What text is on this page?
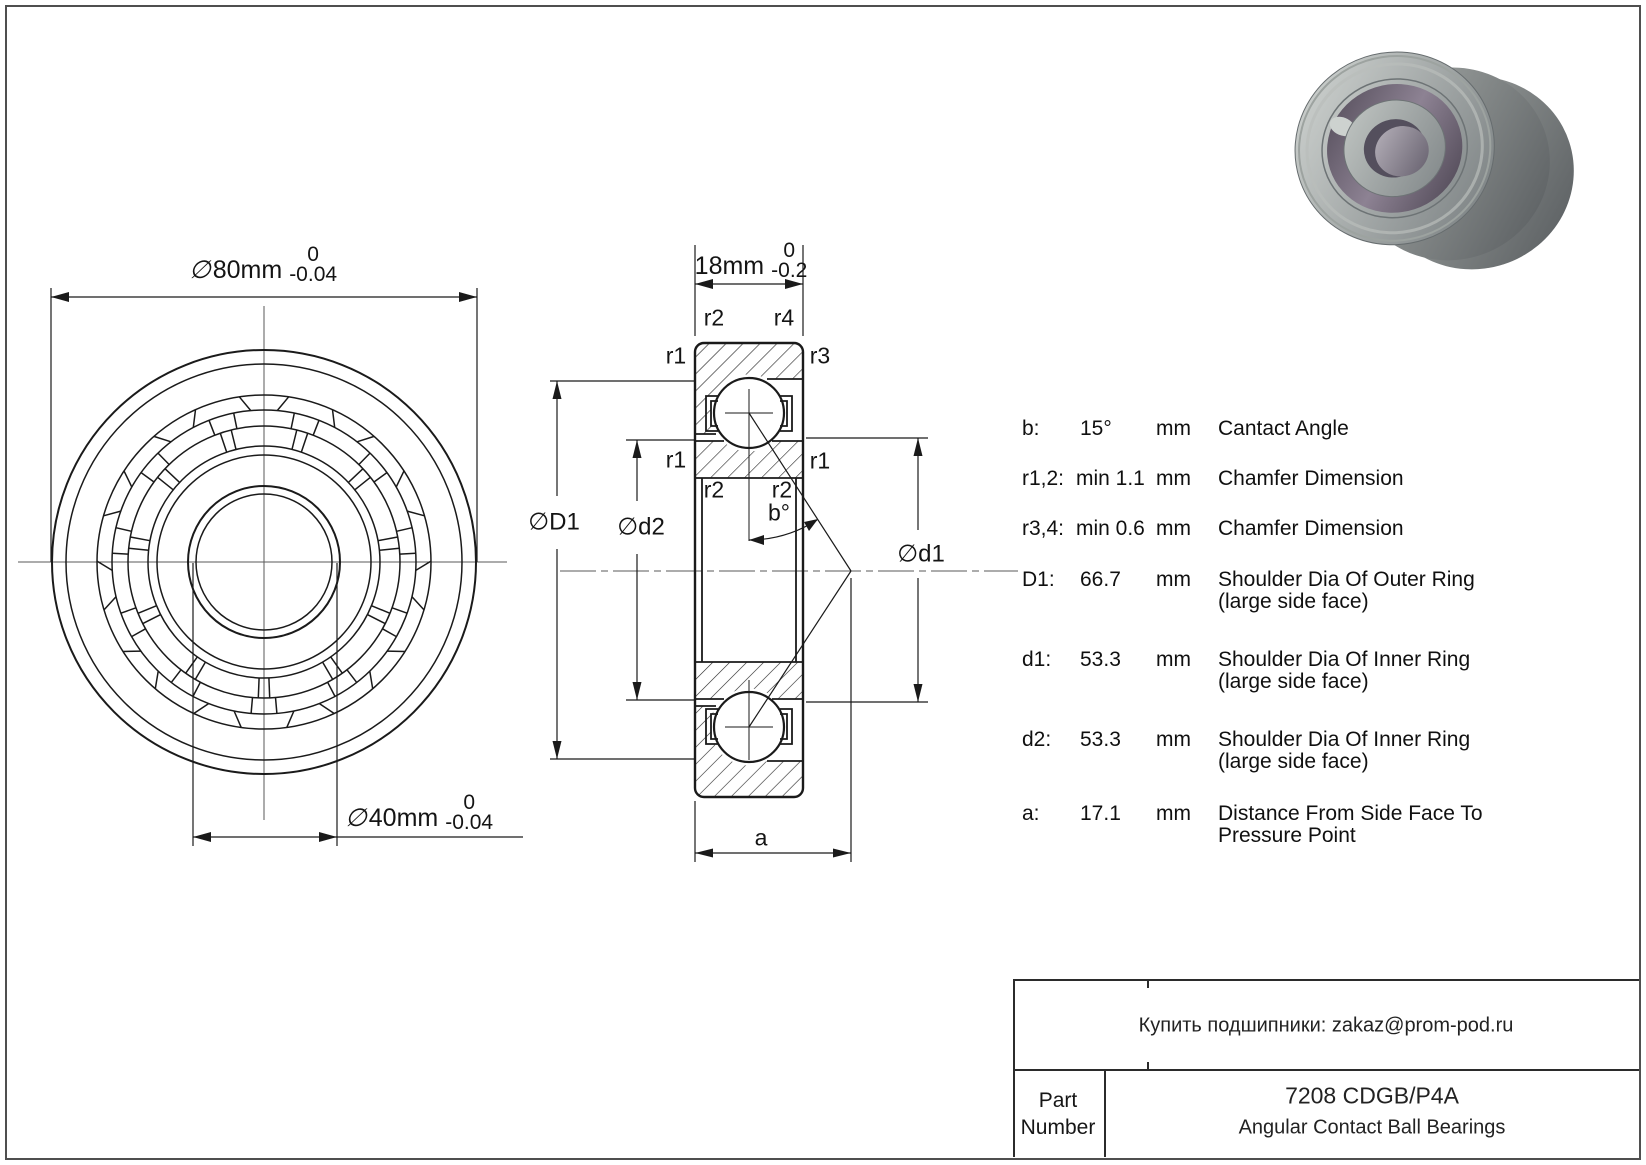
∅80mm
0
-0.04
∅40mm
0
-0.04
18mm
0
-0.2
r2 r4
r1	r3
r1	r1
r2 r2
b°
∅D1 ∅d2
∅d1
a
b: 15° mm Cantact Angle
r1,2: min 1.1 mm Chamfer Dimension
r3,4: min 0.6 mm Chamfer Dimension
D1: 66.7 mm Shoulder Dia Of Outer Ring (large side face)
d1: 53.3 mm Shoulder Dia Of Inner Ring (large side face)
d2: 53.3 mm Shoulder Dia Of Inner Ring (large side face)
a: 17.1 mm Distance From Side Face To Pressure Point
Купить подшипники: zakaz@prom-pod.ru
Part Number
7208 CDGB/P4A
Angular Contact Ball Bearings
